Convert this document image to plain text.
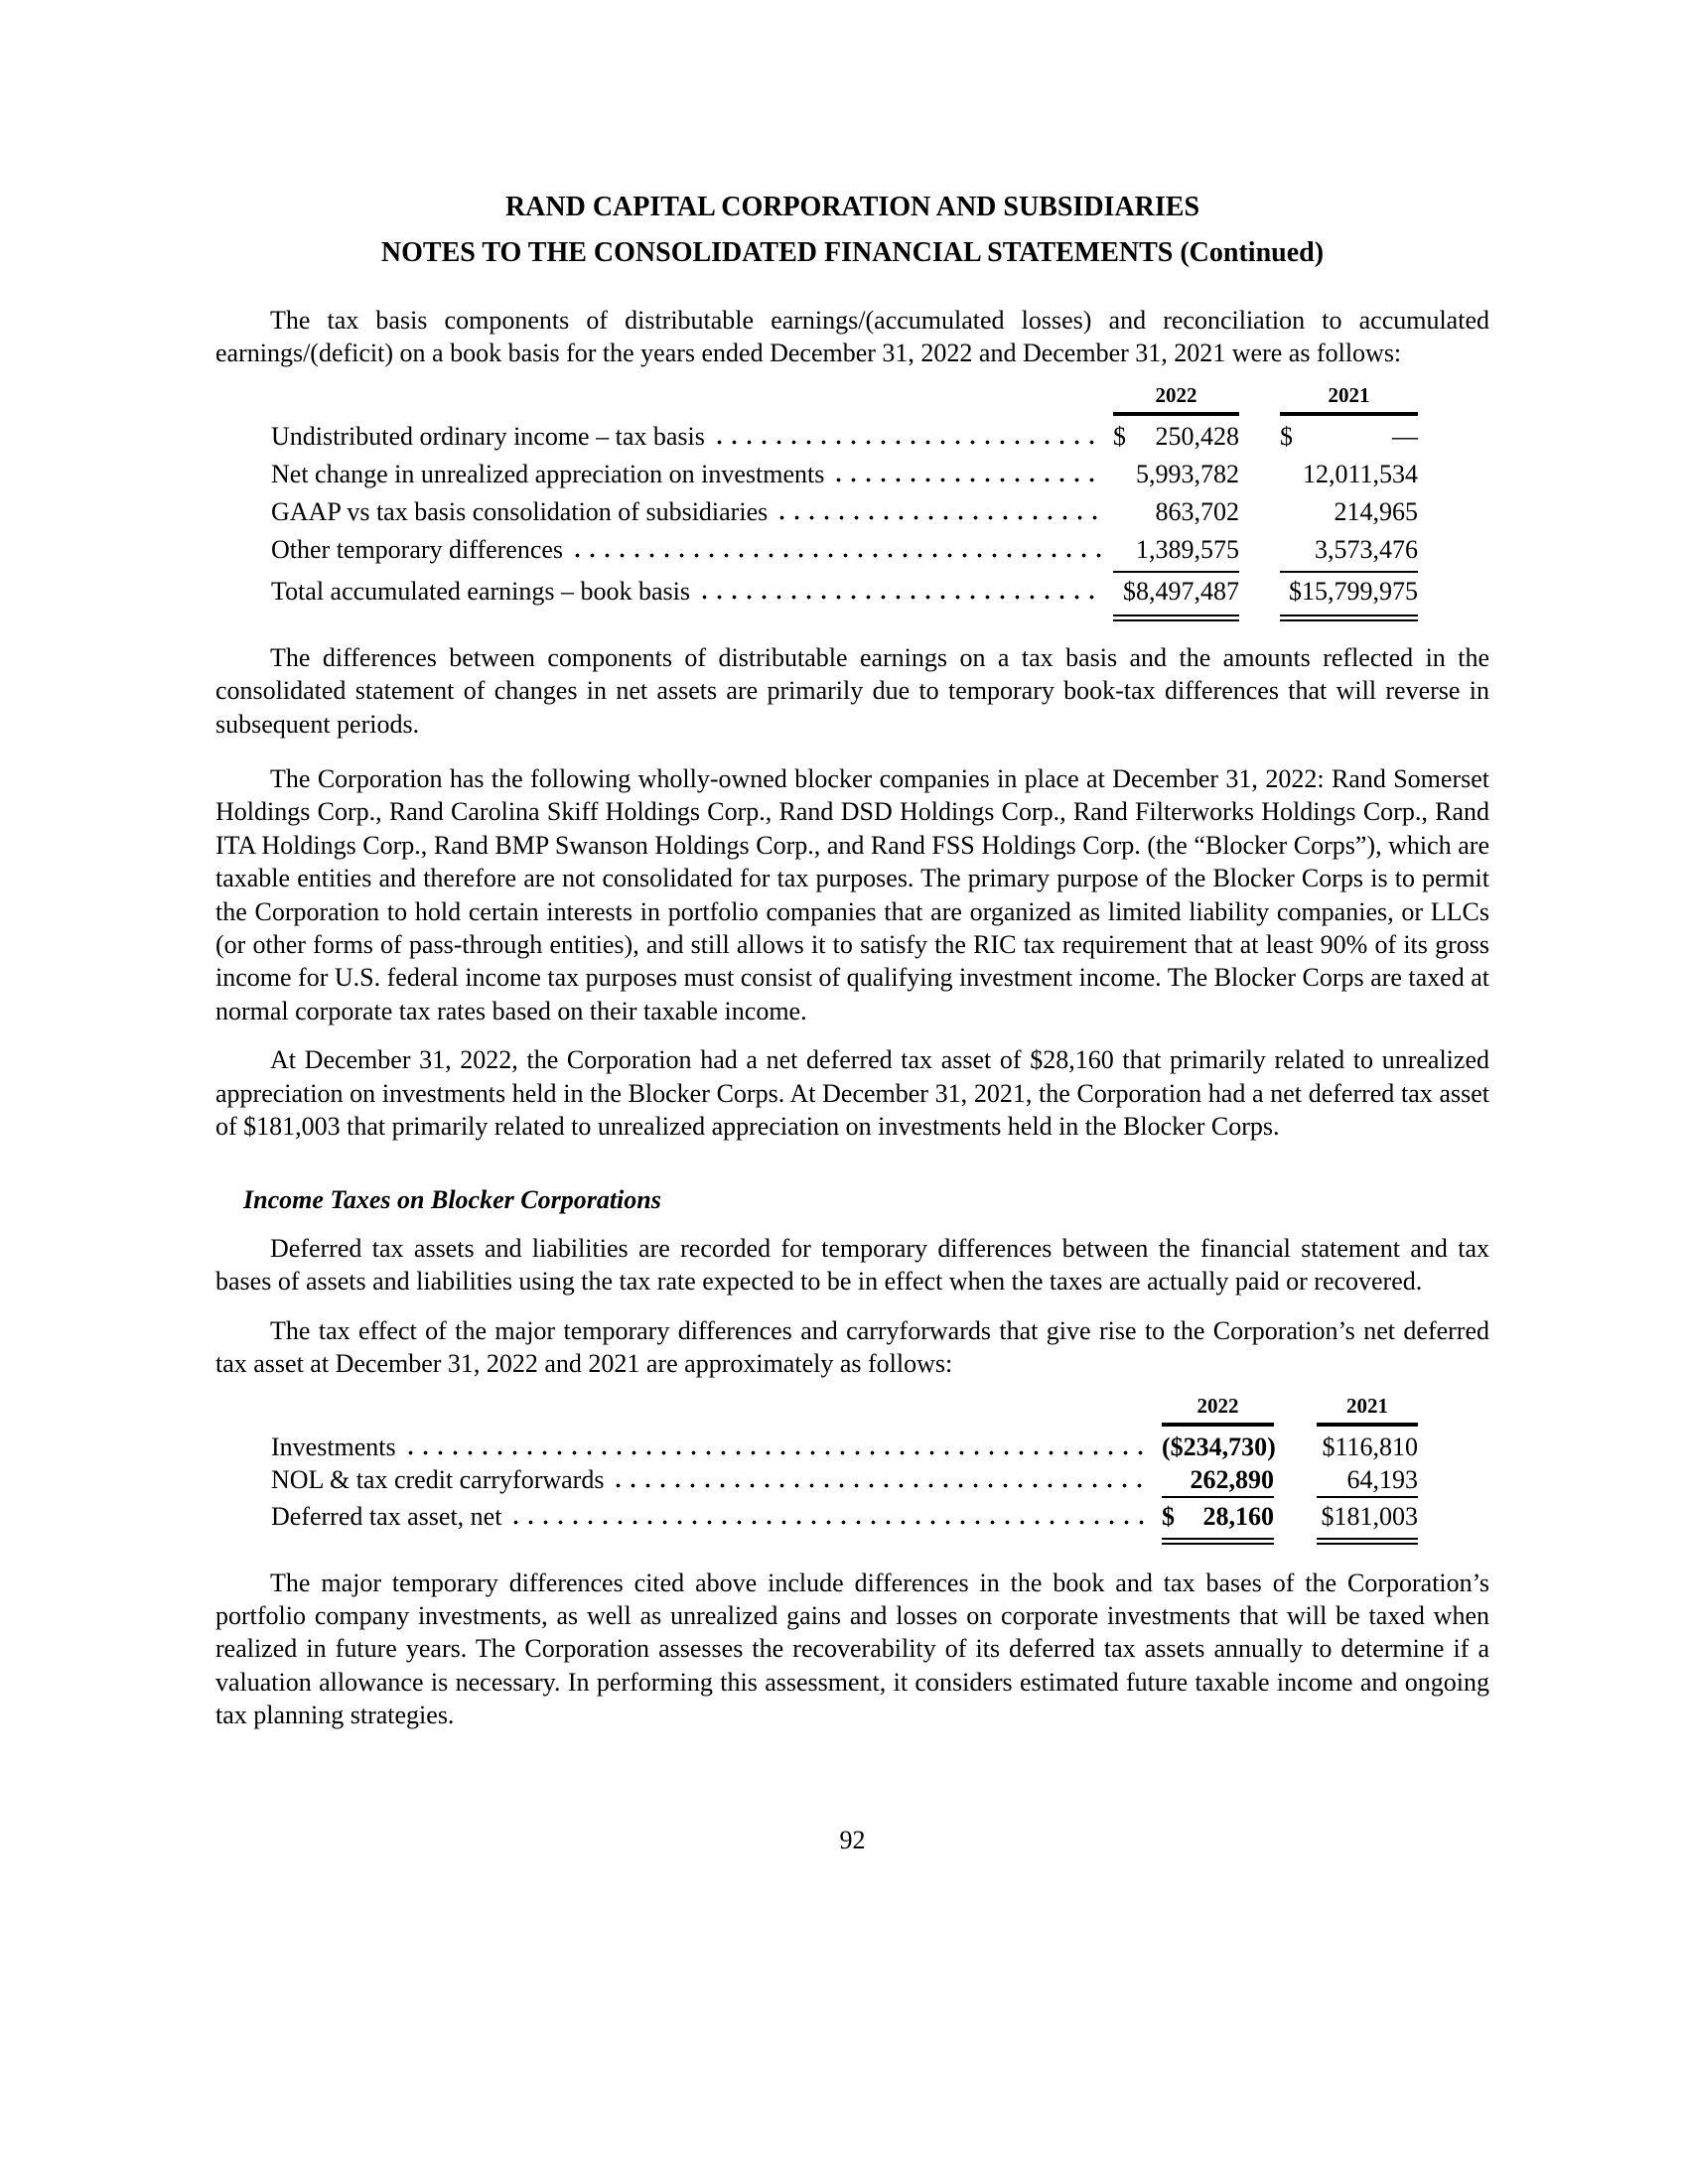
RAND CAPITAL CORPORATION AND SUBSIDIARIES
NOTES TO THE CONSOLIDATED FINANCIAL STATEMENTS (Continued)

The tax basis components of distributable earnings/(accumulated losses) and reconciliation to accumulated earnings/(deficit) on a book basis for the years ended December 31, 2022 and December 31, 2021 were as follows:

2022	2021
Undistributed ordinary income – tax basis	$ 250,428 $	—
Net change in unrealized appreciation on investments	5,993,782 12,011,534
GAAP vs tax basis consolidation of subsidiaries	863,702	214,965
Other temporary differences	1,389,575	3,573,476
Total accumulated earnings – book basis	$8,497,487 $15,799,975

The differences between components of distributable earnings on a tax basis and the amounts reflected in the consolidated statement of changes in net assets are primarily due to temporary book-tax differences that will reverse in subsequent periods.

The Corporation has the following wholly-owned blocker companies in place at December 31, 2022: Rand Somerset Holdings Corp., Rand Carolina Skiff Holdings Corp., Rand DSD Holdings Corp., Rand Filterworks Holdings Corp., Rand ITA Holdings Corp., Rand BMP Swanson Holdings Corp., and Rand FSS Holdings Corp. (the “Blocker Corps”), which are taxable entities and therefore are not consolidated for tax purposes. The primary purpose of the Blocker Corps is to permit the Corporation to hold certain interests in portfolio companies that are organized as limited liability companies, or LLCs (or other forms of pass-through entities), and still allows it to satisfy the RIC tax requirement that at least 90% of its gross income for U.S. federal income tax purposes must consist of qualifying investment income. The Blocker Corps are taxed at normal corporate tax rates based on their taxable income.

At December 31, 2022, the Corporation had a net deferred tax asset of $28,160 that primarily related to unrealized appreciation on investments held in the Blocker Corps. At December 31, 2021, the Corporation had a net deferred tax asset of $181,003 that primarily related to unrealized appreciation on investments held in the Blocker Corps.

Income Taxes on Blocker Corporations

Deferred tax assets and liabilities are recorded for temporary differences between the financial statement and tax bases of assets and liabilities using the tax rate expected to be in effect when the taxes are actually paid or recovered.

The tax effect of the major temporary differences and carryforwards that give rise to the Corporation’s net deferred tax asset at December 31, 2022 and 2021 are approximately as follows:

2022	2021
Investments	($234,730) $116,810
NOL & tax credit carryforwards	262,890	64,193
Deferred tax asset, net	$ 28,160 $181,003

The major temporary differences cited above include differences in the book and tax bases of the Corporation’s portfolio company investments, as well as unrealized gains and losses on corporate investments that will be taxed when realized in future years. The Corporation assesses the recoverability of its deferred tax assets annually to determine if a valuation allowance is necessary. In performing this assessment, it considers estimated future taxable income and ongoing tax planning strategies.

92
